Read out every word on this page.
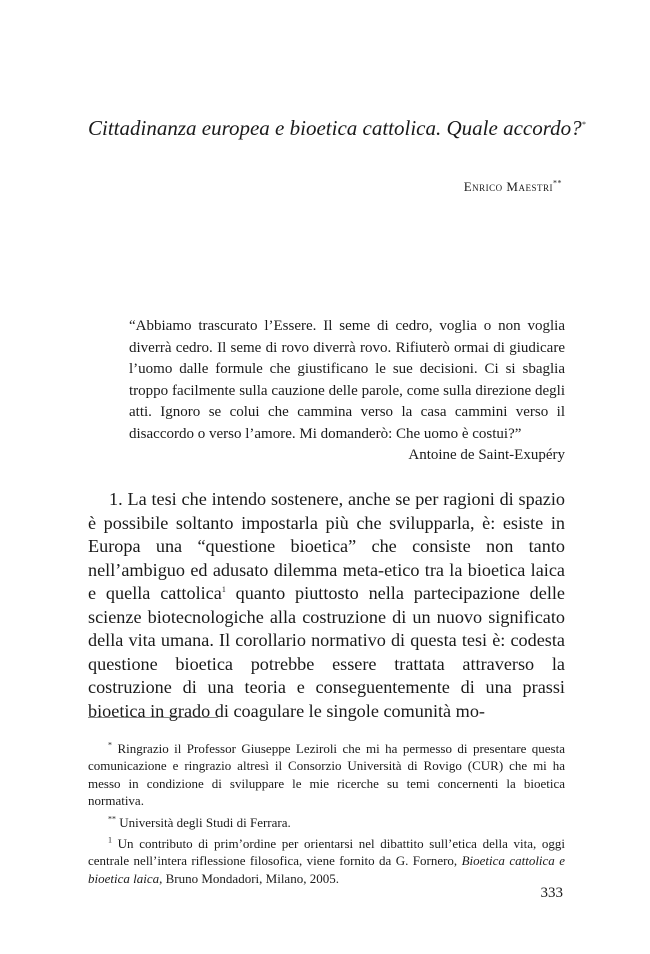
Cittadinanza europea e bioetica cattolica. Quale accordo?*
Enrico Maestri**
“Abbiamo trascurato l’Essere. Il seme di cedro, voglia o non voglia diverrà cedro. Il seme di rovo diverrà rovo. Rifiuterò ormai di giudicare l’uomo dalle formule che giustificano le sue decisioni. Ci si sbaglia troppo facilmente sulla cauzione delle parole, come sulla direzione degli atti. Ignoro se colui che cammina verso la casa cammini verso il disaccordo o verso l’amore. Mi domanderò: Che uomo è costui?”
Antoine de Saint-Exupéry

1. La tesi che intendo sostenere, anche se per ragioni di spazio è possibile soltanto impostarla più che svilupparla, è: esiste in Europa una “questione bioetica” che consiste non tanto nell’ambiguo ed adusato dilemma meta-etico tra la bioetica laica e quella cattolica$^1$ quanto piuttosto nella partecipazione delle scienze biotecnologiche alla costruzione di un nuovo significato della vita umana. Il corollario normativo di questa tesi è: codesta questione bioetica potrebbe essere trattata attraverso la costruzione di una teoria e conseguentemente di una prassi bioetica in grado di coagulare le singole comunità mo-

* Ringrazio il Professor Giuseppe Leziroli che mi ha permesso di presentare questa comunicazione e ringrazio altresì il Consorzio Università di Rovigo (CUR) che mi ha messo in condizione di sviluppare le mie ricerche su temi concernenti la bioetica normativa.

** Università degli Studi di Ferrara.

$^1$ Un contributo di prim’ordine per orientarsi nel dibattito sull’etica della vita, oggi centrale nell’intera riflessione filosofica, viene fornito da G. Fornero, Bioetica cattolica e bioetica laica, Bruno Mondadori, Milano, 2005.

333
